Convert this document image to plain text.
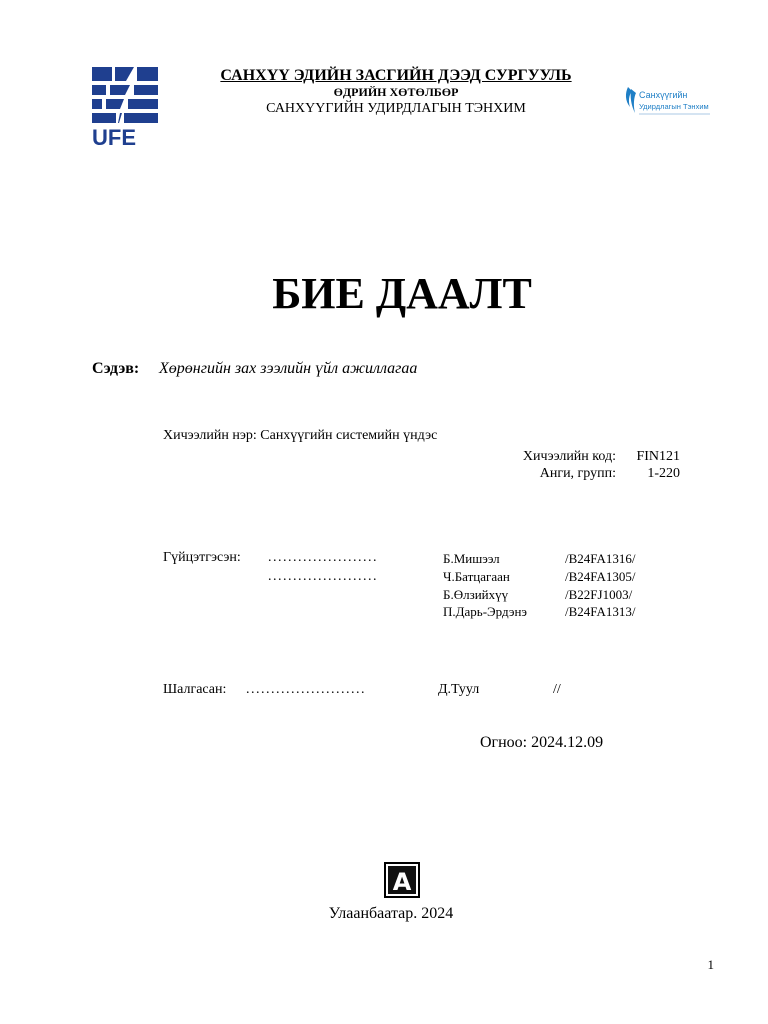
UFE
САНХҮҮ ЭДИЙН ЗАСГИЙН ДЭЭД СУРГУУЛЬ
ӨДРИЙН ХӨТӨЛБӨР
САНХҮҮГИЙН УДИРДЛАГЫН ТЭНХИМ
Санхүүгийн
Удирдлагын Тэнхим
БИЕ ДААЛТ
Сэдэв: Хөрөнгийн зах зээлийн үйл ажиллагаа
Хичээлийн нэр: Санхүүгийн системийн үндэс
Хичээлийн код:	FIN121
Анги, групп:	1-220
Гүйцэтгэсэн: ......................
......................
Б.Мишээл	/B24FA1316/
Ч.Батцагаан	/B24FA1305/
Б.Өлзийхүү	/B22FJ1003/
П.Дарь-Эрдэнэ	/B24FA1313/
Шалгасан: ........................	Д.Туул	//
Огноо: 2024.12.09
A
Улаанбаатар. 2024
1
